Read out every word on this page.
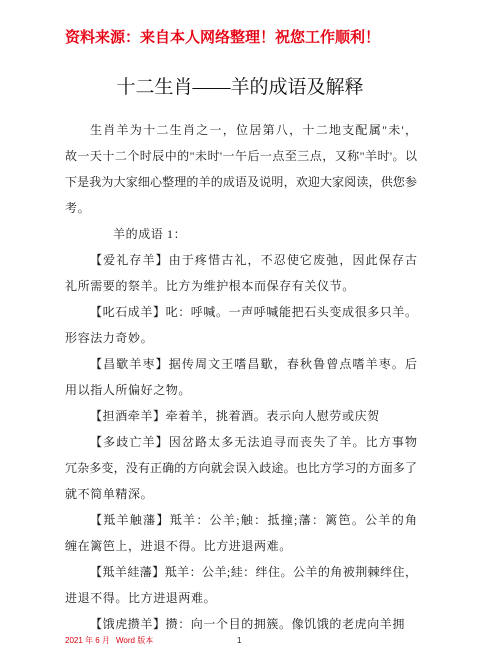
资料来源：来自本人网络整理！祝您工作顺利！
十二生肖——羊的成语及解释
生肖羊为十二生肖之一，位居第八，十二地支配属"未'，
故一天十二个时辰中的"未时'一午后一点至三点，又称"羊时'。以
下是我为大家细心整理的羊的成语及说明，欢迎大家阅读，供您参
考。
羊的成语 1：
【爱礼存羊】由于疼惜古礼，不忍使它废弛，因此保存古
礼所需要的祭羊。比方为维护根本而保存有关仪节。
【叱石成羊】叱：呼喊。一声呼喊能把石头变成很多只羊。
形容法力奇妙。
【昌歜羊枣】据传周文王嗜昌歜，春秋鲁曾点嗜羊枣。后
用以指人所偏好之物。
【担酒牵羊】牵着羊，挑着酒。表示向人慰劳或庆贺
【多歧亡羊】因岔路太多无法追寻而丧失了羊。比方事物
冗杂多变，没有正确的方向就会误入歧途。也比方学习的方面多了
就不简单精深。
【羝羊触藩】羝羊：公羊;触：抵撞;藩：篱笆。公羊的角
缠在篱笆上，进退不得。比方进退两难。
【羝羊絓藩】羝羊：公羊;絓：绊住。公羊的角被荆棘绊住，
进退不得。比方进退两难。
【饿虎攒羊】攒：向一个目的拥簇。像饥饿的老虎向羊拥
2021 年 6 月 Word 版本	1
